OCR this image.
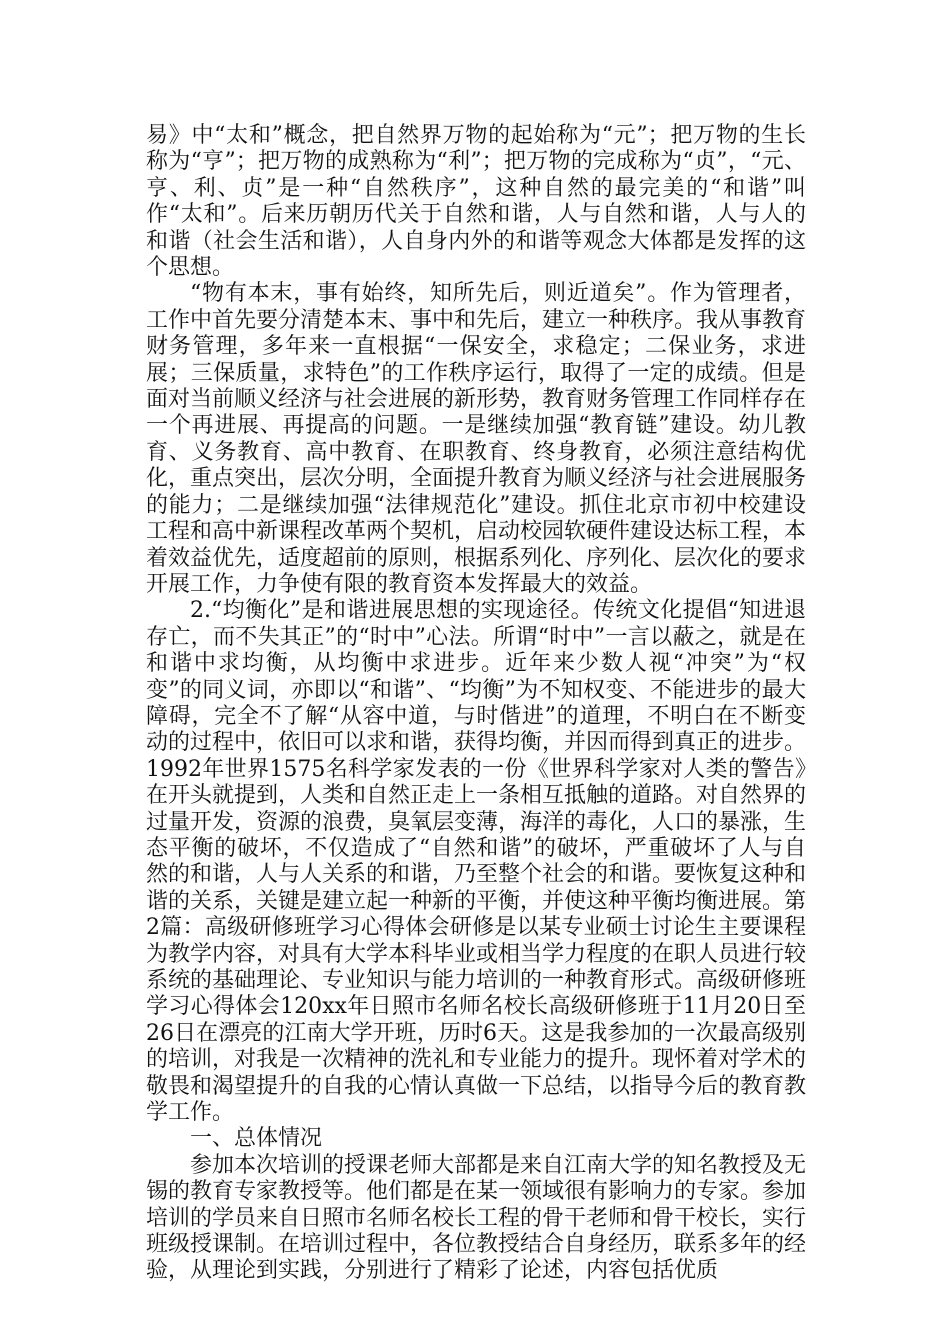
易》中“太和”概念，把自然界万物的起始称为“元”；把万物的生长称为“亨”；把万物的成熟称为“利”；把万物的完成称为“贞”，“元、亨、利、贞”是一种“自然秩序”，这种自然的最完美的“和谐”叫作“太和”。后来历朝历代关于自然和谐，人与自然和谐，人与人的和谐（社会生活和谐），人自身内外的和谐等观念大体都是发挥的这个思想。

“物有本末，事有始终，知所先后，则近道矣”。作为管理者，工作中首先要分清楚本末、事中和先后，建立一种秩序。我从事教育财务管理，多年来一直根据“一保安全，求稳定；二保业务，求进展；三保质量，求特色”的工作秩序运行，取得了一定的成绩。但是面对当前顺义经济与社会进展的新形势，教育财务管理工作同样存在一个再进展、再提高的问题。一是继续加强“教育链”建设。幼儿教育、义务教育、高中教育、在职教育、终身教育，必须注意结构优化，重点突出，层次分明，全面提升教育为顺义经济与社会进展服务的能力；二是继续加强“法律规范化”建设。抓住北京市初中校建设工程和高中新课程改革两个契机，启动校园软硬件建设达标工程，本着效益优先，适度超前的原则，根据系列化、序列化、层次化的要求开展工作，力争使有限的教育资本发挥最大的效益。

2.“均衡化”是和谐进展思想的实现途径。传统文化提倡“知进退存亡，而不失其正”的“时中”心法。所谓“时中”一言以蔽之，就是在和谐中求均衡，从均衡中求进步。近年来少数人视“冲突”为“权变”的同义词，亦即以“和谐”、“均衡”为不知权变、不能进步的最大障碍，完全不了解“从容中道，与时偕进”的道理，不明白在不断变动的过程中，依旧可以求和谐，获得均衡，并因而得到真正的进步。1992年世界1575名科学家发表的一份《世界科学家对人类的警告》在开头就提到，人类和自然正走上一条相互抵触的道路。对自然界的过量开发，资源的浪费，臭氧层变薄，海洋的毒化，人口的暴涨，生态平衡的破坏，不仅造成了“自然和谐”的破坏，严重破坏了人与自然的和谐，人与人关系的和谐，乃至整个社会的和谐。要恢复这种和谐的关系，关键是建立起一种新的平衡，并使这种平衡均衡进展。第2篇：高级研修班学习心得体会研修是以某专业硕士讨论生主要课程为教学内容，对具有大学本科毕业或相当学力程度的在职人员进行较系统的基础理论、专业知识与能力培训的一种教育形式。高级研修班学习心得体会120xx年日照市名师名校长高级研修班于11月20日至26日在漂亮的江南大学开班，历时6天。这是我参加的一次最高级别的培训，对我是一次精神的洗礼和专业能力的提升。现怀着对学术的敬畏和渴望提升的自我的心情认真做一下总结，以指导今后的教育教学工作。

一、总体情况

参加本次培训的授课老师大部都是来自江南大学的知名教授及无锡的教育专家教授等。他们都是在某一领域很有影响力的专家。参加培训的学员来自日照市名师名校长工程的骨干老师和骨干校长，实行班级授课制。在培训过程中，各位教授结合自身经历，联系多年的经验，从理论到实践，分别进行了精彩了论述，内容包括优质
